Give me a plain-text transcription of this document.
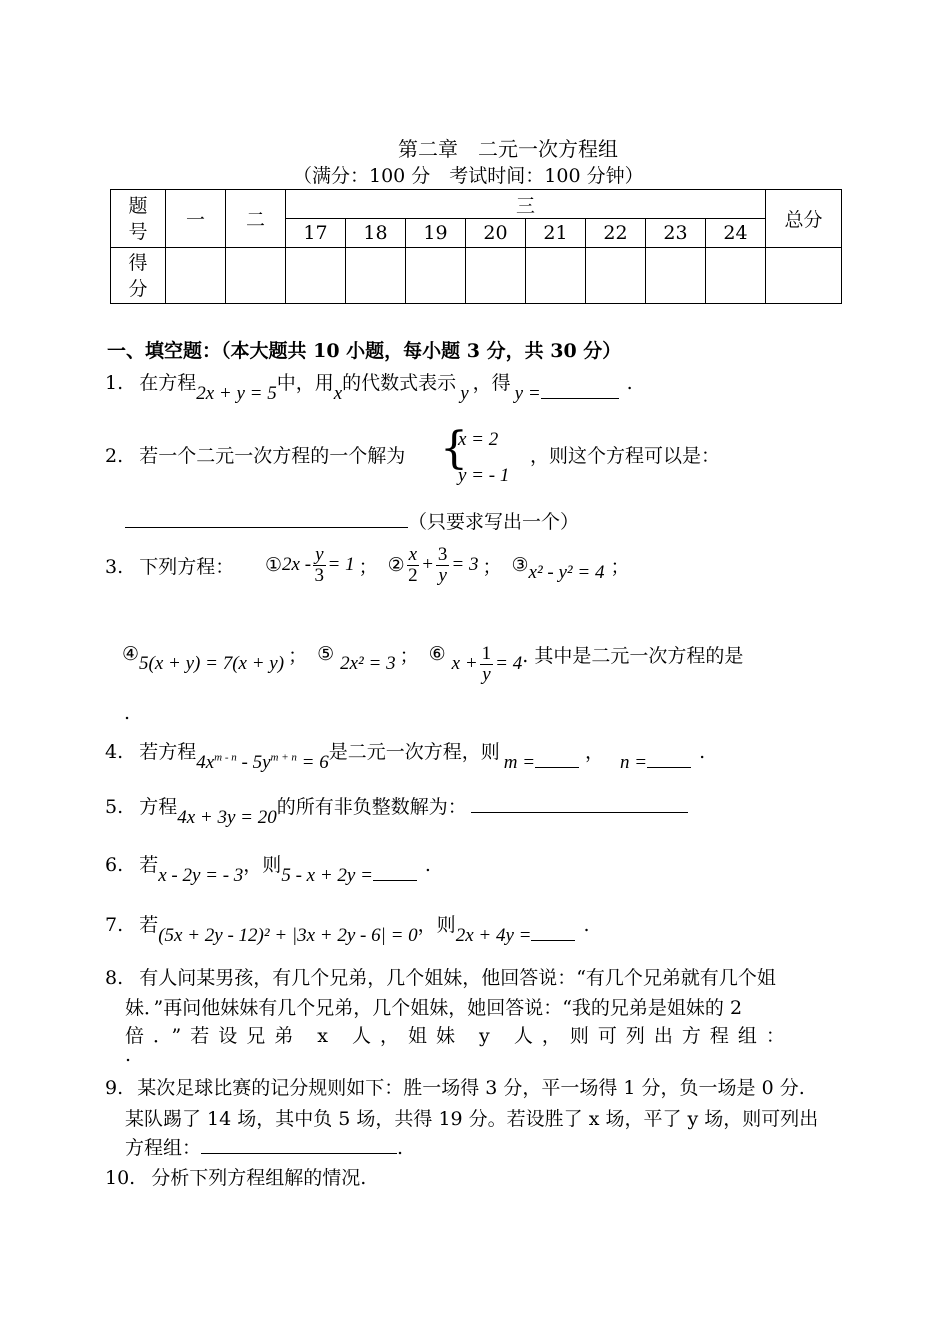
第二章　二元一次方程组
（满分：100 分　考试时间：100 分钟）
题号	一	二	三								总分
			17	18	19	20	21	22	23	24	
得分											
一、填空题：（本大题共 10 小题，每小题 3 分，共 30 分）
1. 在方程2x + y = 5中，用x的代数式表示 y ，得 y =	.
2. 若一个二元一次方程的一个解为 {
x = 2
y = - 1
，则这个方程可以是：
（只要求写出一个）
3. 下列方程： ① $2x - \frac{y}{3} = 1$ ； ② $\frac{x}{2} + \frac{3}{y} = 3$ ； ③ x² - y² = 4 ；
④ 5(x + y) = 7(x + y) ； ⑤ 2x² = 3 ； ⑥ $x + \frac{1}{y} = 4$ . 其中是二元一次方程的是
.
4. 若方程$4x^{m - n} - 5y^{m + n} = 6$是二元一次方程，则 m =	， n =	.
5. 方程4x + 3y = 20的所有非负整数解为：
6. 若x - 2y = - 3，则5 - x + 2y =	.
7. 若(5x + 2y - 12)² + |3x + 2y - 6| = 0，则2x + 4y =	.
8. 有人问某男孩，有几个兄弟，几个姐妹，他回答说：“有几个兄弟就有几个姐
妹．”再问他妹妹有几个兄弟，几个姐妹，她回答说：“我的兄弟是姐妹的 2
倍．”若设兄弟 x 人，姐妹 y 人，则可列出方程组：
.
9. 某次足球比赛的记分规则如下：胜一场得 3 分，平一场得 1 分，负一场是 0 分.
某队踢了 14 场，其中负 5 场，共得 19 分。若设胜了 x 场，平了 y 场，则可列出
方程组：	.
10. 分析下列方程组解的情况.
